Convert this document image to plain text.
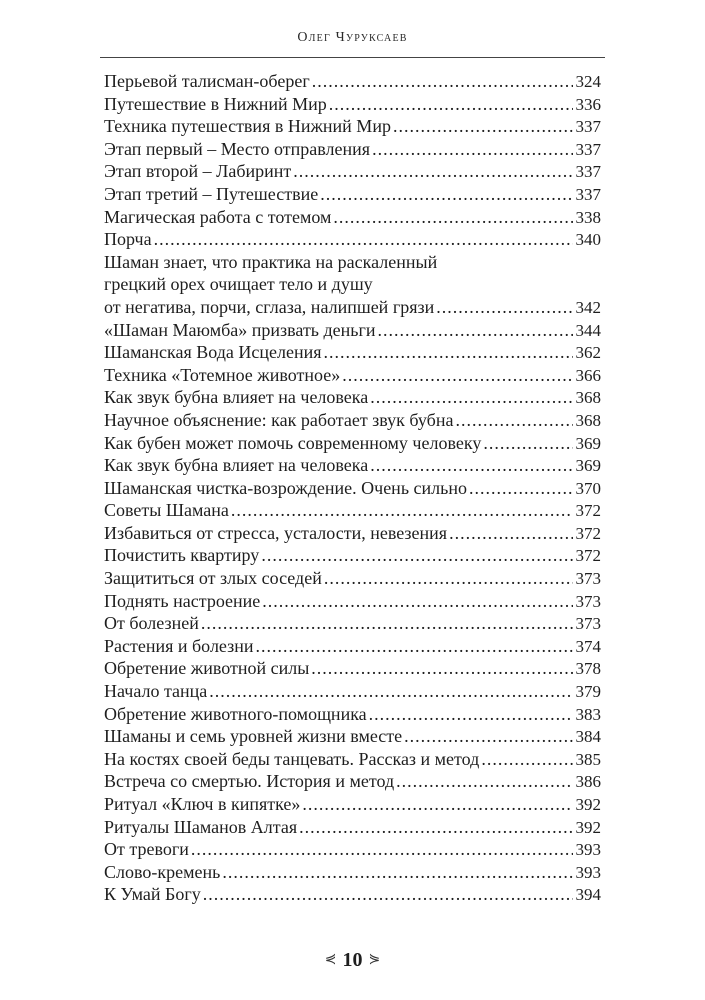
Олег Чуруксаев
Перьевой талисман-оберег .....	324
Путешествие в Нижний Мир .....	336
Техника путешествия в Нижний Мир .....	337
Этап первый – Место отправления .....	337
Этап второй – Лабиринт .....	337
Этап третий – Путешествие .....	337
Магическая работа с тотемом .....	338
Порча .....	340
Шаман знает, что практика на раскаленный
грецкий орех очищает тело и душу
от негатива, порчи, сглаза, налипшей грязи .....	342
«Шаман Маюмба» призвать деньги .....	344
Шаманская Вода Исцеления .....	362
Техника «Тотемное животное» .....	366
Как звук бубна влияет на человека .....	368
Научное объяснение: как работает звук бубна .....	368
Как бубен может помочь современному человеку .....	369
Как звук бубна влияет на человека .....	369
Шаманская чистка-возрождение. Очень сильно .....	370
Советы Шамана .....	372
Избавиться от стресса, усталости, невезения .....	372
Почистить квартиру .....	372
Защититься от злых соседей .....	373
Поднять настроение .....	373
От болезней .....	373
Растения и болезни .....	374
Обретение животной силы .....	378
Начало танца .....	379
Обретение животного-помощника .....	383
Шаманы и семь уровней жизни вместе .....	384
На костях своей беды танцевать. Рассказ и метод .....	385
Встреча со смертью. История и метод .....	386
Ритуал «Ключ в кипятке» .....	392
Ритуалы Шаманов Алтая .....	392
От тревоги .....	393
Слово-кремень .....	393
К Умай Богу .....	394
⋞ 10 ⋟
